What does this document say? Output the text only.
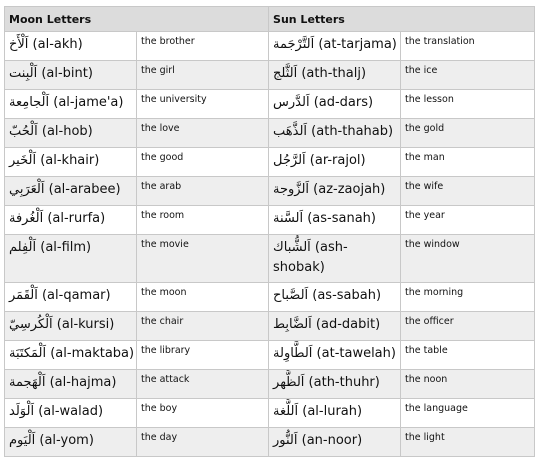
Moon Letters		Sun Letters	
اَلْأَخ (al-akh)	the brother	اَلتَّرْجَمة (at-tarjama)	the translation
اَلْبِنت (al-bint)	the girl	اَلثَّلج (ath-thalj)	the ice
اَلْجامِعة (al-jame'a)	the university	اَلدَّرس (ad-dars)	the lesson
اَلْحُبّ (al-hob)	the love	اَلذَّهَب (ath-thahab)	the gold
اَلْخَير (al-khair)	the good	اَلرَّجُل (ar-rajol)	the man
اَلْعَرَبِي (al-arabee)	the arab	اَلزَّوجة (az-zaojah)	the wife
اَلْغُرفة (al-rurfa)	the room	اَلسَّنة (as-sanah)	the year
اَلْفِلم (al-film)	the movie	اَلشُّباك (ash-shobak)	the window
اَلْقَمَر (al-qamar)	the moon	اَلصَّباح (as-sabah)	the morning
اَلْكُرسِيّ (al-kursi)	the chair	اَلضَّابِط (ad-dabit)	the officer
اَلْمَكتَبَة (al-maktaba)	the library	اَلطَّاوِلة (at-tawelah)	the table
اَلْهَجمة (al-hajma)	the attack	اَلظُّهر (ath-thuhr)	the noon
اَلْوَلَد (al-walad)	the boy	اَللُّغة (al-lurah)	the language
اَلْيَوم (al-yom)	the day	اَلنُّور (an-noor)	the light
